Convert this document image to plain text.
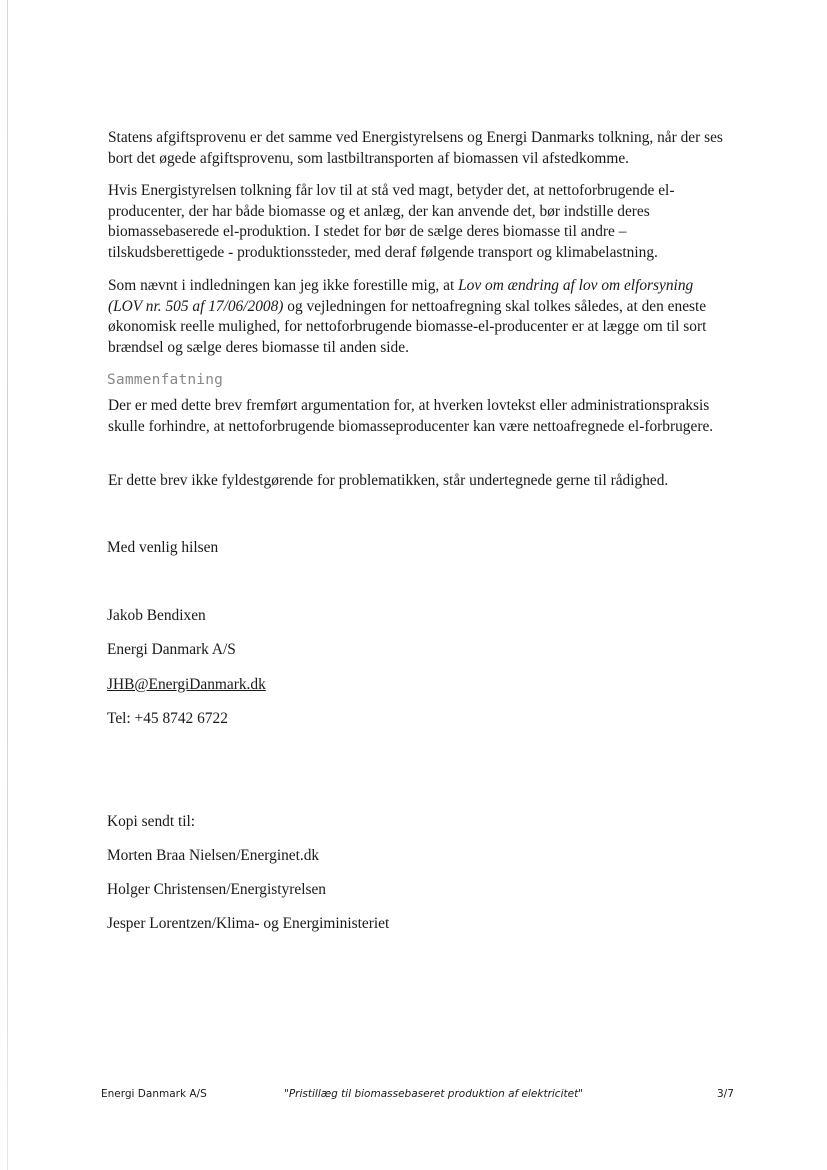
Statens afgiftsprovenu er det samme ved Energistyrelsens og Energi Danmarks tolkning, når der ses bort det øgede afgiftsprovenu, som lastbiltransporten af biomassen vil afstedkomme.

Hvis Energistyrelsen tolkning får lov til at stå ved magt, betyder det, at nettoforbrugende el-producenter, der har både biomasse og et anlæg, der kan anvende det, bør indstille deres biomassebaserede el-produktion. I stedet for bør de sælge deres biomasse til andre – tilskudsberettigede - produktionssteder, med deraf følgende transport og klimabelastning.

Som nævnt i indledningen kan jeg ikke forestille mig, at Lov om ændring af lov om elforsyning (LOV nr. 505 af 17/06/2008) og vejledningen for nettoafregning skal tolkes således, at den eneste økonomisk reelle mulighed, for nettoforbrugende biomasse-el-producenter er at lægge om til sort brændsel og sælge deres biomasse til anden side.

Sammenfatning

Der er med dette brev fremført argumentation for, at hverken lovtekst eller administrationspraksis skulle forhindre, at nettoforbrugende biomasseproducenter kan være nettoafregnede el-forbrugere.

Er dette brev ikke fyldestgørende for problematikken, står undertegnede gerne til rådighed.

Med venlig hilsen

Jakob Bendixen

Energi Danmark A/S

JHB@EnergiDanmark.dk

Tel: +45 8742 6722

Kopi sendt til:

Morten Braa Nielsen/Energinet.dk

Holger Christensen/Energistyrelsen

Jesper Lorentzen/Klima- og Energiministeriet

Energi Danmark A/S	"Pristillæg til biomassebaseret produktion af elektricitet"	3/7
